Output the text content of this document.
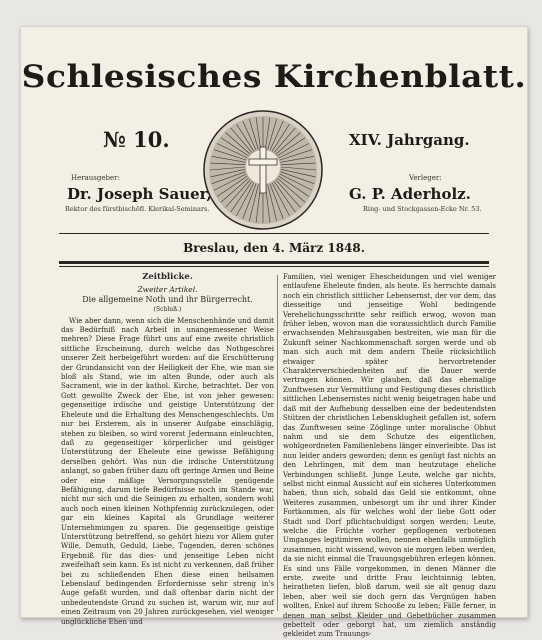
Schlesisches Kirchenblatt.
№ 10.	XIV. Jahrgang.
Herausgeber:
Dr. Joseph Sauer,
Rektor des fürstbischöfl. Klerikal-Seminars.
Verleger:
G. P. Aderholz.
Ring- und Stockgassen-Ecke Nr. 53.
Breslau, den 4. März 1848.
Zeitblicke.
Zweiter Artikel.
Die allgemeine Noth und ihr Bürgerrecht.
(Schluß.)

Wie aber dann, wenn sich die Menschenhände und damit das Bedürfniß nach Arbeit in unangemessener Weise mehren? Diese Frage führt uns auf eine zweite christlich sittliche Erscheinung, durch welche das Nothgeschrei unserer Zeit herbeigeführt worden: auf die Erschütterung der Grundansicht von der Heiligkeit der Ehe, wie man sie bloß als Stand, wie im alten Bunde, oder auch als Sacrament, wie in der kathol. Kirche, betrachtet. Der von Gott gewollte Zweck der Ehe, ist von jeher gewesen: gegenseitige irdische und geistige Unterstützung der Eheleute und die Erhaltung des Menschengeschlechts. Um nur bei Ersterem, als in unserer Aufgabe einschlägig, stehen zu bleiben, so wird vorerst Jedermann einleuchten, daß zu gegenseitiger körperlicher und geistiger Unterstützung der Eheleute eine gewisse Befähigung derselben gehört. Was nun die irdische Unterstützung anlangt, so gaben früher dazu oft geringe Armen und Beine oder eine mäßige Versorgungsstelle genügende Befähigung, darum tiefe Bedürfnisse noch im Stande war, nicht nur sich und die Seinigen zu erhalten, sondern wohl auch noch einen kleinen Nothpfennig zurückzulegen, oder gar ein kleines Kapital als Grundlage weiterer Unternehmungen zu sparen. Die gegenseitige geistige Unterstützung betreffend, so gehört hiezu vor Allem guter Wille, Demuth, Geduld, Liebe, Tugenden, deren schönes Ergebniß für das dies- und jenseitige Leben nicht zweifelhaft sein kann. Es ist nicht zu verkennen, daß früher bei zu schließenden Ehen diese einen heilsamen Lebenslauf bedingenden Erfordernisse sehr streng in's Auge gefaßt wurden, und daß oftenbar darin nicht der unbedeutendste Grund zu suchen ist, warum wir, nur auf einen Zeitraum von 20 Jahren zurückgesehen, viel weniger unglückliche Ehen und

Familien, viel weniger Ehescheidungen und viel weniger entlaufene Eheleute finden, als heute. Es herrschte damals noch ein christlich sittlicher Lebensernst, der vor dem, das diesseitige und jenseitige Wohl bedingende Verehelichungsschritte sehr reiflich erwog, wovon man früher leben, wovon man die voraussichtlich durch Familie erwachsenden Mehrausgaben bestreiten, wie man für die Zukunft seiner Nachkommenschaft sorgen werde und ob man sich auch mit dem andern Theile rücksichtlich etwaiger später hervortretender Charakterverschiedenheiten auf die Dauer werde vertragen können. Wir glauben, daß das ehemalige Zunftwesen zur Vermittlung und Festigung dieses christlich sittlichen Lebensernstes nicht wenig beigetragen habe und daß mit der Aufhebung desselben eine der bedeutendsten Stützen der christlichen Lebensklugheit gefallen ist, sofern das Zunftwesen seine Zöglinge unter moralische Obhut nahm und sie dem Schutze des eigentlichen, wohlgeordneten Familienlebens länger einverleibte. Das ist nun leider anders geworden; denn es genügt fast nichts an den Lehrlingen, mit dem man heutzutage eheliche Verbindungen schließt. Junge Leute, welche gar nichts, selbst nicht einmal Aussicht auf ein sicheres Unterkommen haben, thun sich, sobald das Geld sie entkommt, ohne Weiteres zusammen, unbesorgt um ihr und ihrer Kinder Fortkommen, als für welches wohl der liebe Gott oder Stadt und Dorf pflichtschuldigst sorgen werden; Leute, welche die Früchte vorher gepflogenen verbotenen Umganges legitimiren wollen, nennen ebenfalls unmöglich zusammen, nicht wissend, wovon sie morgen leben werden, da sie nicht einmal die Trauungsgebühren erlegen können. Es sind uns Fälle vorgekommen, in denen Männer die erste, zweite und dritte Frau leichtsinnig lebten, heiratheten liefen, bloß darum, weil sie alt genug dazu leben, aber weil sie doch gern das Vergnügen haben wollten, Enkel auf ihrem Schooße zu leben; Fälle ferner, in denen man selbst Kleider und Gebetbücher zusammen gebettelt oder geborgt hat, um ziemlich anständig gekleidet zum Trauungs-
